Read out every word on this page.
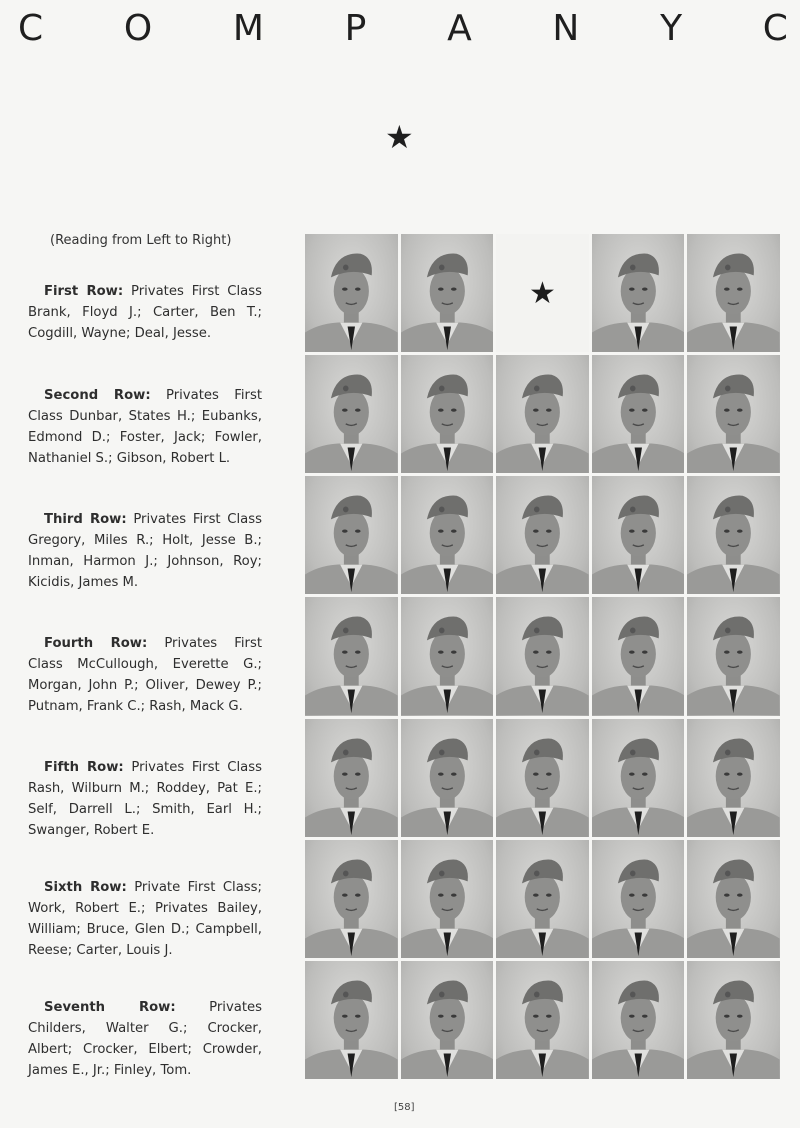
C O M P A N Y C
★
(Reading from Left to Right)

First Row: Privates First Class Brank, Floyd J.; Carter, Ben T.; Cogdill, Wayne; Deal, Jesse.

Second Row: Privates First Class Dunbar, States H.; Eubanks, Edmond D.; Foster, Jack; Fowler, Nathaniel S.; Gibson, Robert L.

Third Row: Privates First Class Gregory, Miles R.; Holt, Jesse B.; Inman, Harmon J.; Johnson, Roy; Kicidis, James M.

Fourth Row: Privates First Class McCullough, Everette G.; Morgan, John P.; Oliver, Dewey P.; Putnam, Frank C.; Rash, Mack G.

Fifth Row: Privates First Class Rash, Wilburn M.; Roddey, Pat E.; Self, Darrell L.; Smith, Earl H.; Swanger, Robert E.

Sixth Row: Private First Class; Work, Robert E.; Privates Bailey, William; Bruce, Glen D.; Campbell, Reese; Carter, Louis J.

Seventh Row: Privates Childers, Walter G.; Crocker, Albert; Crocker, Elbert; Crowder, James E., Jr.; Finley, Tom.

★
[58]
